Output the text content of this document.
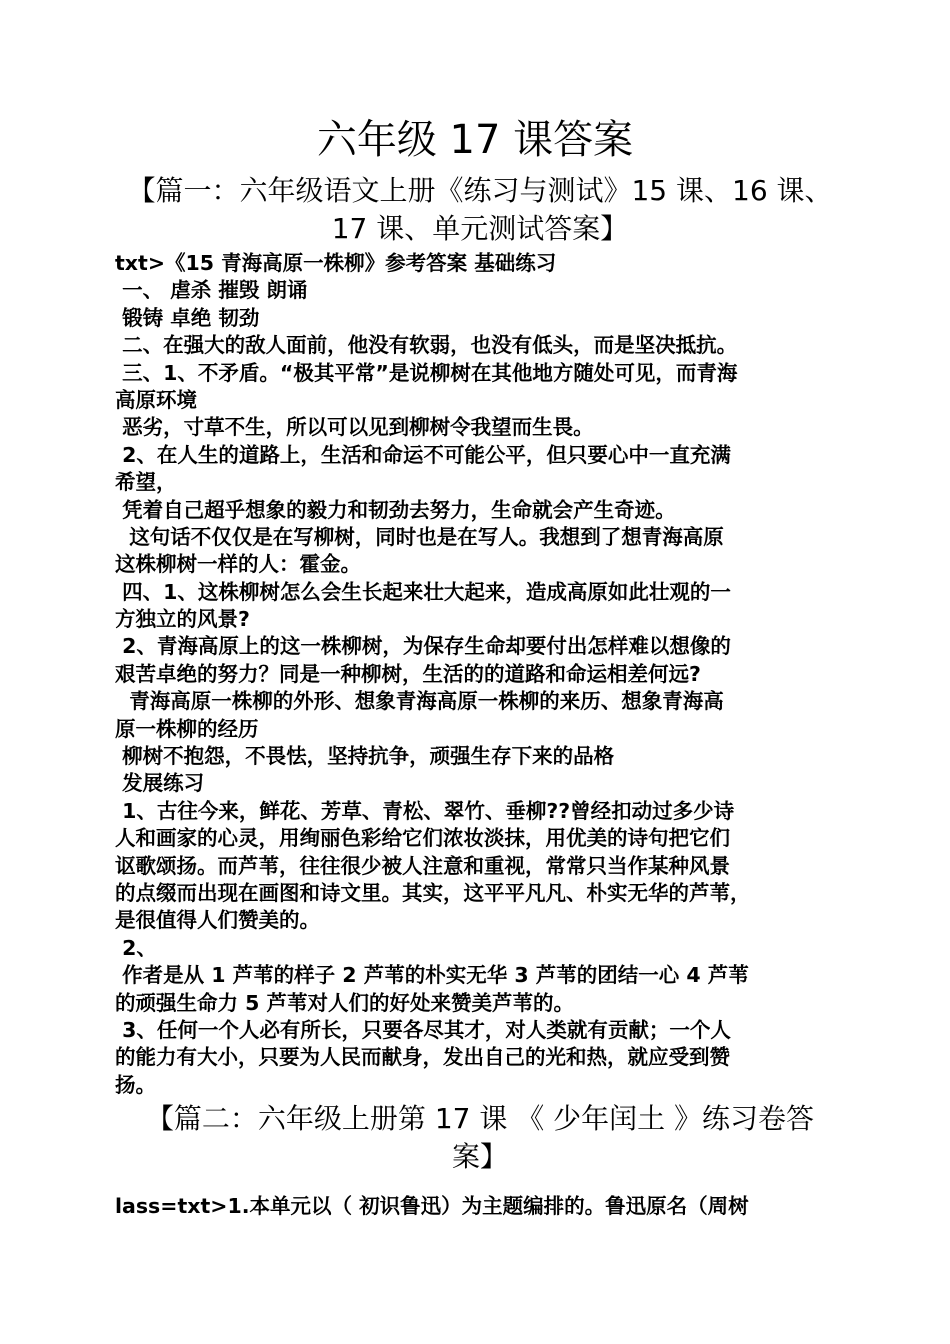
六年级 17 课答案
【篇一：六年级语文上册《练习与测试》15 课、16 课、
17 课、单元测试答案】
txt>《15 青海高原一株柳》参考答案 基础练习
一、 虐杀 摧毁 朗诵
锻铸 卓绝 韧劲
二、在强大的敌人面前，他没有软弱，也没有低头，而是坚决抵抗。
三、1、不矛盾。“极其平常”是说柳树在其他地方随处可见，而青海
高原环境
恶劣，寸草不生，所以可以见到柳树令我望而生畏。
2、在人生的道路上，生活和命运不可能公平，但只要心中一直充满
希望，
凭着自己超乎想象的毅力和韧劲去努力，生命就会产生奇迹。
这句话不仅仅是在写柳树，同时也是在写人。我想到了想青海高原
这株柳树一样的人：霍金。
四、1、这株柳树怎么会生长起来壮大起来，造成高原如此壮观的一
方独立的风景?
2、青海高原上的这一株柳树，为保存生命却要付出怎样难以想像的
艰苦卓绝的努力？同是一种柳树，生活的的道路和命运相差何远?
青海高原一株柳的外形、想象青海高原一株柳的来历、想象青海高
原一株柳的经历
柳树不抱怨，不畏怯，坚持抗争，顽强生存下来的品格
发展练习
1、古往今来，鲜花、芳草、青松、翠竹、垂柳??曾经扣动过多少诗
人和画家的心灵，用绚丽色彩给它们浓妆淡抹，用优美的诗句把它们
讴歌颂扬。而芦苇，往往很少被人注意和重视，常常只当作某种风景
的点缀而出现在画图和诗文里。其实，这平平凡凡、朴实无华的芦苇，
是很值得人们赞美的。
2、
作者是从 1 芦苇的样子 2 芦苇的朴实无华 3 芦苇的团结一心 4 芦苇
的顽强生命力 5 芦苇对人们的好处来赞美芦苇的。
3、任何一个人必有所长，只要各尽其才，对人类就有贡献；一个人
的能力有大小，只要为人民而献身，发出自己的光和热，就应受到赞
扬。
【篇二：六年级上册第 17 课 《 少年闰土 》练习卷答
案】
lass=txt>1.本单元以（ 初识鲁迅）为主题编排的。鲁迅原名（周树
